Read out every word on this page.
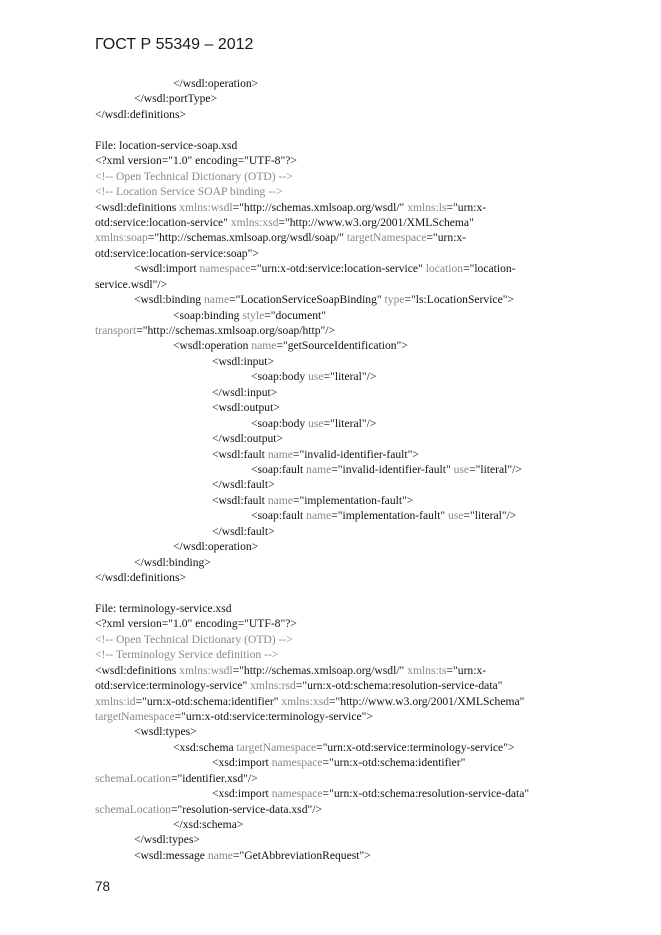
ГОСТ Р 55349 – 2012
</wsdl:operation>
</wsdl:portType>
</wsdl:definitions>
File: location-service-soap.xsd
<?xml version="1.0" encoding="UTF-8"?>
<!-- Open Technical Dictionary (OTD) -->
<!-- Location Service SOAP binding -->
<wsdl:definitions xmlns:wsdl="http://schemas.xmlsoap.org/wsdl/" xmlns:ls="urn:x-
otd:service:location-service" xmlns:xsd="http://www.w3.org/2001/XMLSchema"
xmlns:soap="http://schemas.xmlsoap.org/wsdl/soap/" targetNamespace="urn:x-
otd:service:location-service:soap">
<wsdl:import namespace="urn:x-otd:service:location-service" location="location-
service.wsdl"/>
<wsdl:binding name="LocationServiceSoapBinding" type="ls:LocationService">
<soap:binding style="document"
transport="http://schemas.xmlsoap.org/soap/http"/>
<wsdl:operation name="getSourceIdentification">
<wsdl:input>
<soap:body use="literal"/>
</wsdl:input>
<wsdl:output>
<soap:body use="literal"/>
</wsdl:output>
<wsdl:fault name="invalid-identifier-fault">
<soap:fault name="invalid-identifier-fault" use="literal"/>
</wsdl:fault>
<wsdl:fault name="implementation-fault">
<soap:fault name="implementation-fault" use="literal"/>
</wsdl:fault>
</wsdl:operation>
</wsdl:binding>
</wsdl:definitions>
File: terminology-service.xsd
<?xml version="1.0" encoding="UTF-8"?>
<!-- Open Technical Dictionary (OTD) -->
<!-- Terminology Service definition -->
<wsdl:definitions xmlns:wsdl="http://schemas.xmlsoap.org/wsdl/" xmlns:ts="urn:x-
otd:service:terminology-service" xmlns:rsd="urn:x-otd:schema:resolution-service-data"
xmlns:id="urn:x-otd:schema:identifier" xmlns:xsd="http://www.w3.org/2001/XMLSchema"
targetNamespace="urn:x-otd:service:terminology-service">
<wsdl:types>
<xsd:schema targetNamespace="urn:x-otd:service:terminology-service">
<xsd:import namespace="urn:x-otd:schema:identifier"
schemaLocation="identifier.xsd"/>
<xsd:import namespace="urn:x-otd:schema:resolution-service-data"
schemaLocation="resolution-service-data.xsd"/>
</xsd:schema>
</wsdl:types>
<wsdl:message name="GetAbbreviationRequest">
78
